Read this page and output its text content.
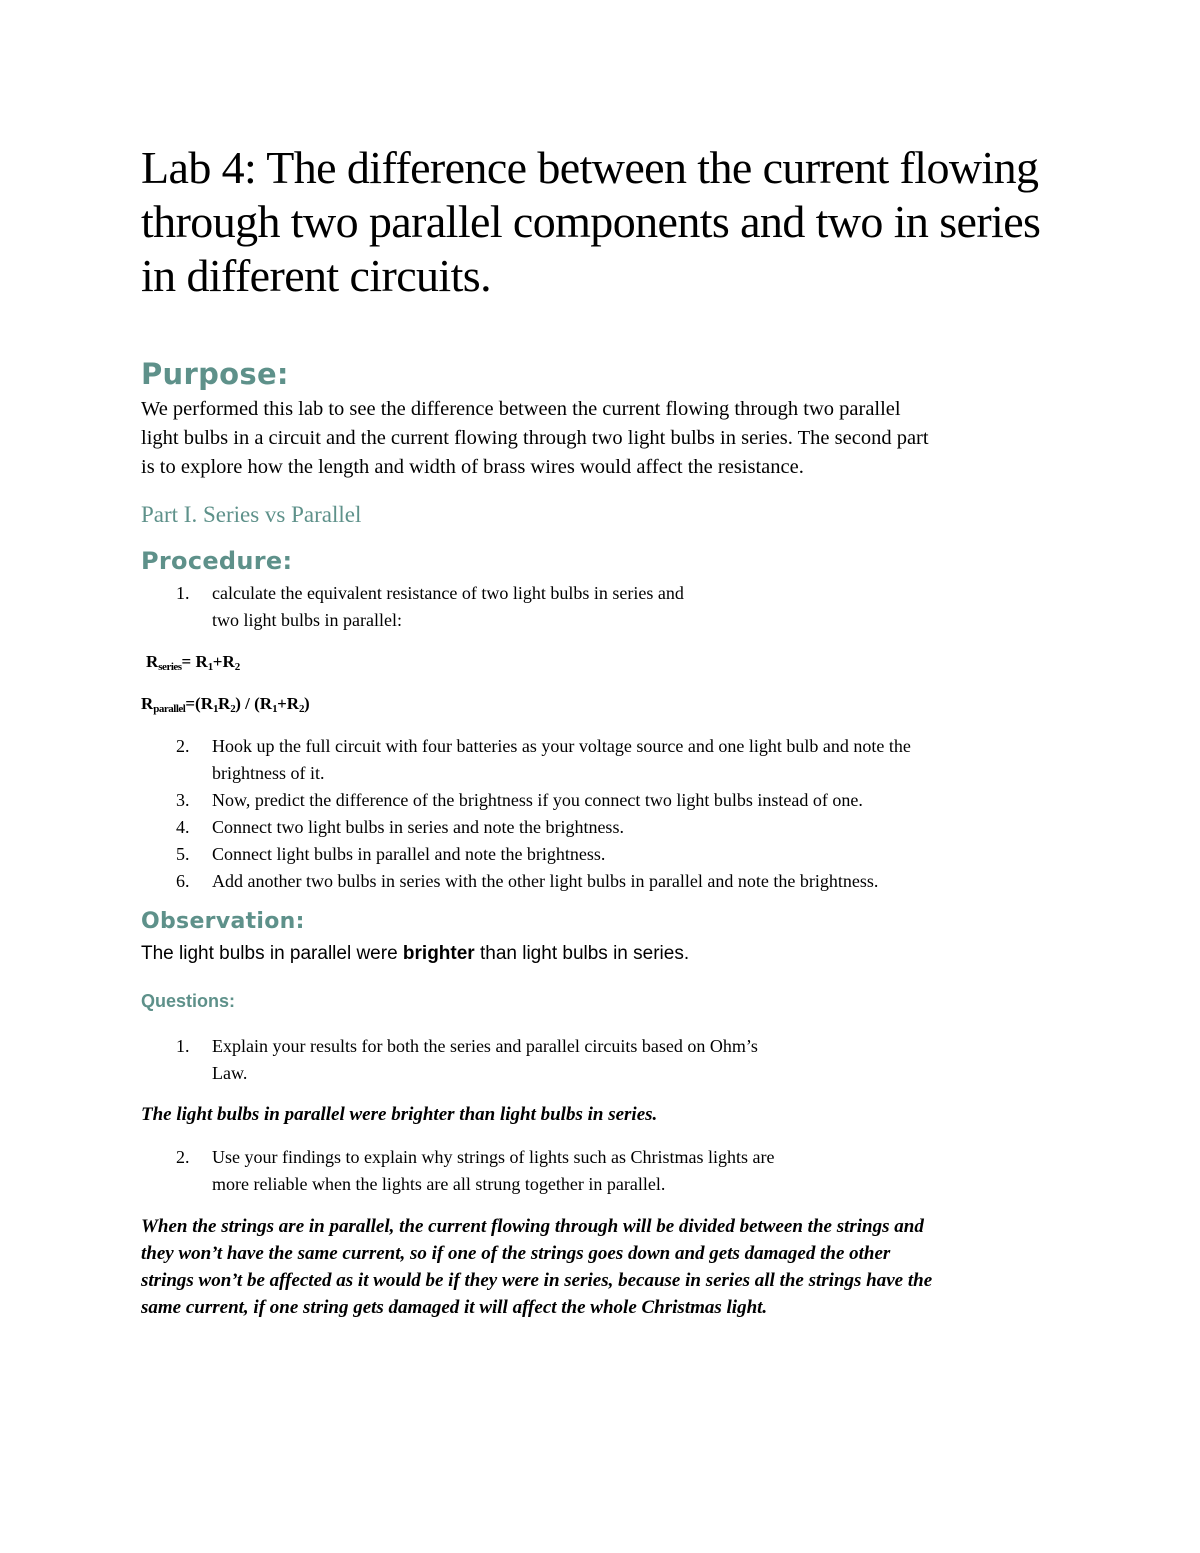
Lab 4: The difference between the current flowing
through two parallel components and two in series
in different circuits.
Purpose:

We performed this lab to see the difference between the current flowing through two parallel
light bulbs in a circuit and the current flowing through two light bulbs in series. The second part
is to explore how the length and width of brass wires would affect the resistance.

Part I. Series vs Parallel
Procedure:
1. calculate the equivalent resistance of two light bulbs in series and
two light bulbs in parallel:
$R_{series}= R_1+R_2$
$R_{parallel}=(R_1R_2) / (R_1+R_2)$
2. Hook up the full circuit with four batteries as your voltage source and one light bulb and note the
brightness of it.
3. Now, predict the difference of the brightness if you connect two light bulbs instead of one.
4. Connect two light bulbs in series and note the brightness.
5. Connect light bulbs in parallel and note the brightness.
6. Add another two bulbs in series with the other light bulbs in parallel and note the brightness.
Observation:

The light bulbs in parallel were brighter than light bulbs in series.

Questions:
1. Explain your results for both the series and parallel circuits based on Ohm’s
Law.

The light bulbs in parallel were brighter than light bulbs in series.

2. Use your findings to explain why strings of lights such as Christmas lights are
more reliable when the lights are all strung together in parallel.

When the strings are in parallel, the current flowing through will be divided between the strings and
they won’t have the same current, so if one of the strings goes down and gets damaged the other
strings won’t be affected as it would be if they were in series, because in series all the strings have the
same current, if one string gets damaged it will affect the whole Christmas light.
